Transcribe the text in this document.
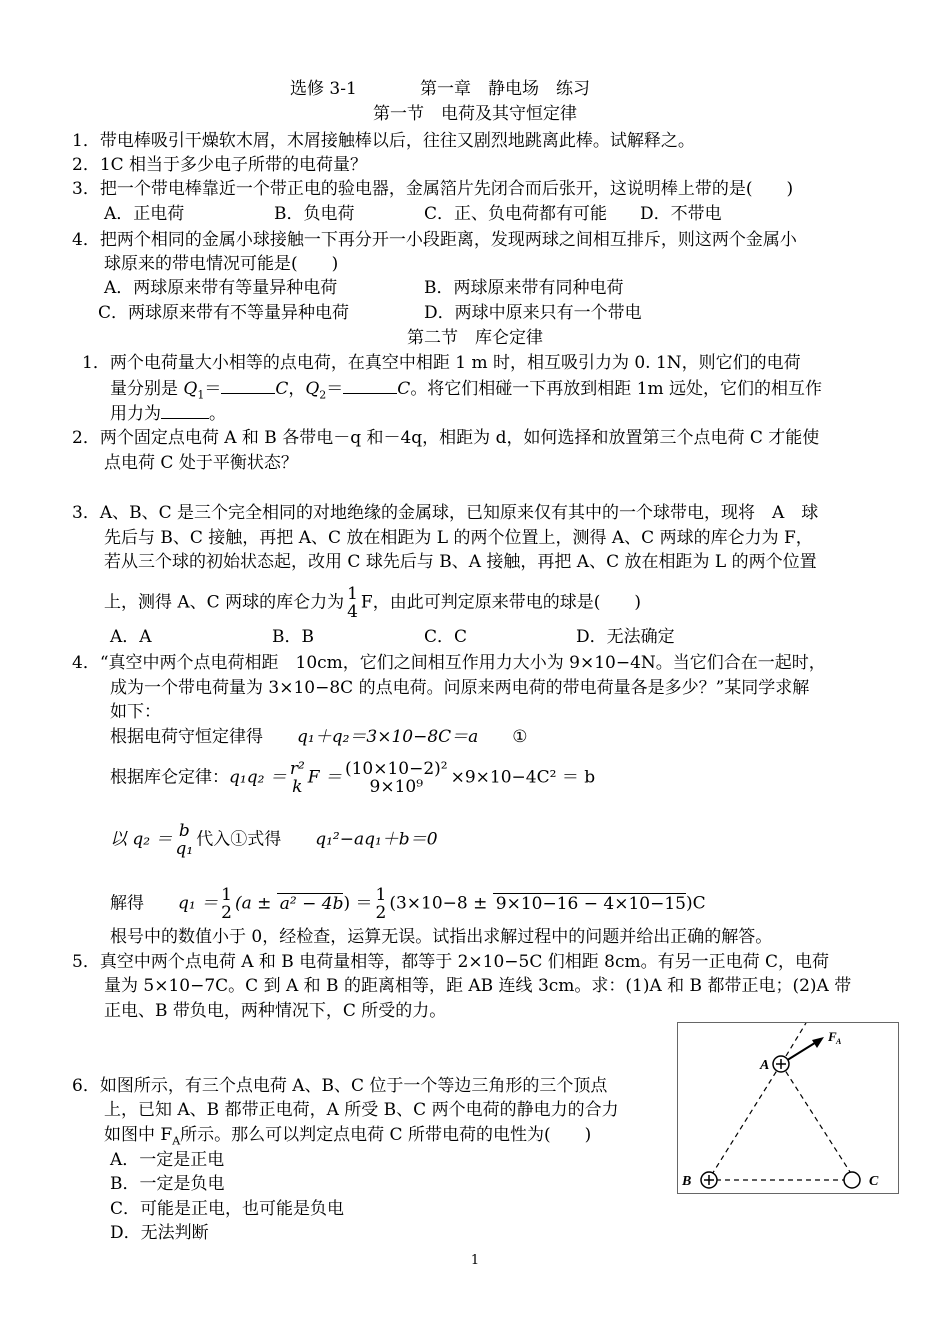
选修 3-1	第一章　静电场　练习
第一节　电荷及其守恒定律
1．带电棒吸引干燥软木屑，木屑接触棒以后，往往又剧烈地跳离此棒。试解释之。
2．1C 相当于多少电子所带的电荷量？
3．把一个带电棒靠近一个带正电的验电器，金属箔片先闭合而后张开，这说明棒上带的是(　　)
A．正电荷	B．负电荷	C．正、负电荷都有可能 D．不带电
4．把两个相同的金属小球接触一下再分开一小段距离，发现两球之间相互排斥，则这两个金属小
球原来的带电情况可能是(　　)
A．两球原来带有等量异种电荷	B．两球原来带有同种电荷
C．两球原来带有不等量异种电荷	D．两球中原来只有一个带电
第二节　库仑定律
1．两个电荷量大小相等的点电荷，在真空中相距 1 m 时，相互吸引力为 0. 1N，则它们的电荷
量分别是 $Q_1=$	C，$Q_2=$	C。将它们相碰一下再放到相距 1m 远处，它们的相互作
用力为	。
2．两个固定点电荷 A 和 B 各带电－q 和－4q，相距为 d，如何选择和放置第三个点电荷 C 才能使
点电荷 C 处于平衡状态？
3．A、B、C 是三个完全相同的对地绝缘的金属球，已知原来仅有其中的一个球带电，现将　A　球
先后与 B、C 接触，再把 A、C 放在相距为 L 的两个位置上，测得 A、C 两球的库仑力为 F，
若从三个球的初始状态起，改用 C 球先后与 B、A 接触，再把 A、C 放在相距为 L 的两个位置
上，测得 A、C 两球的库仑力为 1
4 F，由此可判定原来带电的球是(　　)
A．A	B．B	C．C	D．无法确定
4．“真空中两个点电荷相距　10cm，它们之间相互作用力大小为 9×10−4N。当它们合在一起时，
成为一个带电荷量为 3×10−8C 的点电荷。问原来两电荷的带电荷量各是多少？”某同学求解
如下：
根据电荷守恒定律得 q₁＋q₂＝3×10−8C＝a ①
根据库仑定律：q₁q₂ ＝ r²
k F ＝ (10×10−2)²
9×10⁹	×9×10−4C² ＝ b
以 q₂ ＝ b
q₁ 代入①式得 q₁²−aq₁＋b＝0
解得 q₁ ＝ 1
2 (a ± a² − 4b) ＝ 1
2 (3×10−8 ± 9×10−16 − 4×10−15)C
根号中的数值小于 0，经检查，运算无误。试指出求解过程中的问题并给出正确的解答。
5．真空中两个点电荷 A 和 B 电荷量相等，都等于 2×10−5C 们相距 8cm。有另一正电荷 C，电荷
量为 5×10−7C。C 到 A 和 B 的距离相等，距 AB 连线 3cm。求：(1)A 和 B 都带正电；(2)A 带
正电、B 带负电，两种情况下，C 所受的力。
6．如图所示，有三个点电荷 A、B、C 位于一个等边三角形的三个顶点
上，已知 A、B 都带正电荷，A 所受 B、C 两个电荷的静电力的合力
如图中 $F_A$所示。那么可以判定点电荷 C 所带电荷的电性为(　　)
A．一定是正电
B．一定是负电
C．可能是正电，也可能是负电
D．无法判断
A
B	C
F A
1
